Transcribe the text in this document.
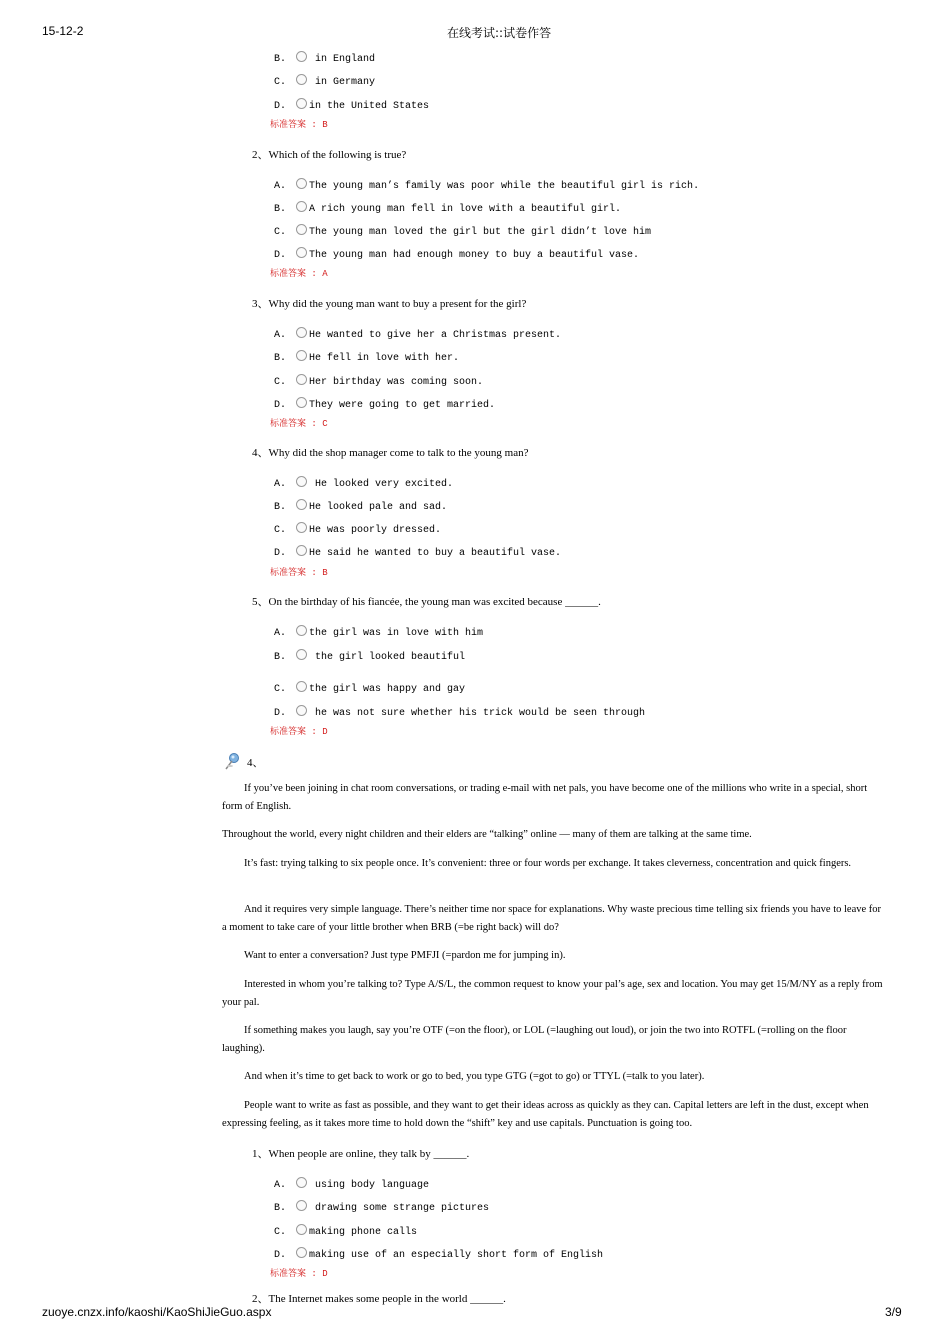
15-12-2	在线考试::试卷作答
B. in England
C. in Germany
D. in the United States
标准答案 : B
2、Which of the following is true?
A. The young man’s family was poor while the beautiful girl is rich.
B. A rich young man fell in love with a beautiful girl.
C. The young man loved the girl but the girl didn’t love him
D. The young man had enough money to buy a beautiful vase.
标准答案 : A
3、Why did the young man want to buy a present for the girl?
A. He wanted to give her a Christmas present.
B. He fell in love with her.
C. Her birthday was coming soon.
D. They were going to get married.
标准答案 : C
4、Why did the shop manager come to talk to the young man?
A. He looked very excited.
B. He looked pale and sad.
C. He was poorly dressed.
D. He said he wanted to buy a beautiful vase.
标准答案 : B
5、On the birthday of his fiancée, the young man was excited because ______.
A. the girl was in love with him
B. the girl looked beautiful
C. the girl was happy and gay
D. he was not sure whether his trick would be seen through
标准答案 : D
4、
If you’ve been joining in chat room conversations, or trading e-mail with net pals, you have become one of the millions who write in a special, short form of English.
Throughout the world, every night children and their elders are “talking” online — many of them are talking at the same time.
It’s fast: trying talking to six people once. It’s convenient: three or four words per exchange. It takes cleverness, concentration and quick fingers.
And it requires very simple language. There’s neither time nor space for explanations. Why waste precious time telling six friends you have to leave for a moment to take care of your little brother when BRB (=be right back) will do?
Want to enter a conversation? Just type PMFJI (=pardon me for jumping in).
Interested in whom you’re talking to? Type A/S/L, the common request to know your pal’s age, sex and location. You may get 15/M/NY as a reply from your pal.
If something makes you laugh, say you’re OTF (=on the floor), or LOL (=laughing out loud), or join the two into ROTFL (=rolling on the floor laughing).
And when it’s time to get back to work or go to bed, you type GTG (=got to go) or TTYL (=talk to you later).
People want to write as fast as possible, and they want to get their ideas across as quickly as they can. Capital letters are left in the dust, except when expressing feeling, as it takes more time to hold down the “shift” key and use capitals. Punctuation is going too.
1、When people are online, they talk by ______.
A. using body language
B. drawing some strange pictures
C. making phone calls
D. making use of an especially short form of English
标准答案 : D
2、The Internet makes some people in the world ______.
zuoye.cnzx.info/kaoshi/KaoShiJieGuo.aspx	3/9
